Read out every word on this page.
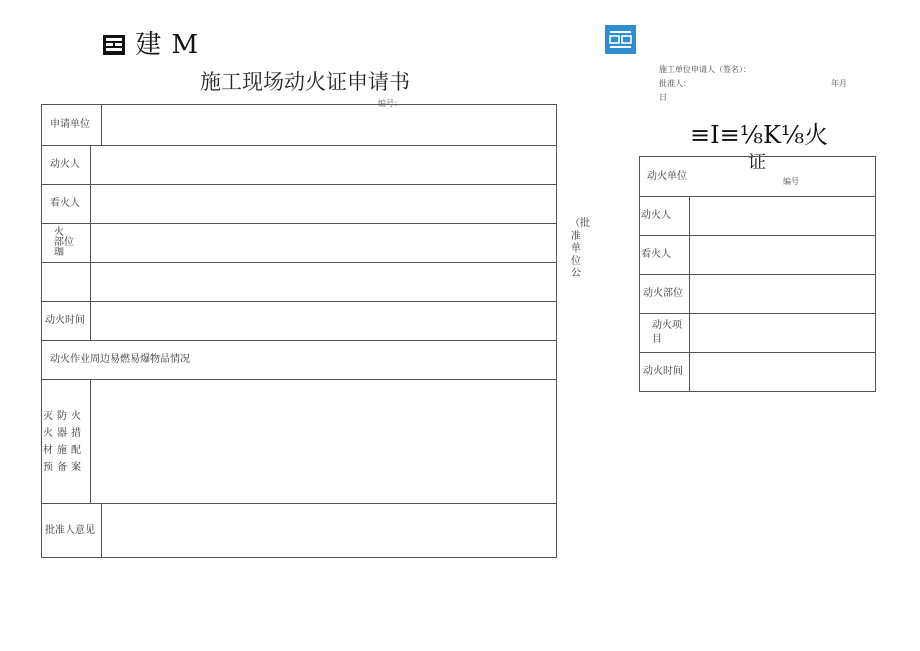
建 M
施工现场动火证申请书
编号：
申请单位		
动火人		
看火人		
火
部位
珈		

动火时间		
动火作业周边易燃易爆物品情况		
灭防火火器措材施配预备案		
批准人意见		
（批准单位公
施工单位申请人（签名）：
批准人：	年月
日
≡I≡⅛K⅛火
证
动火单位	
动火人	
看火人	
动火部位	
动火项目	
动火时间	
编号
